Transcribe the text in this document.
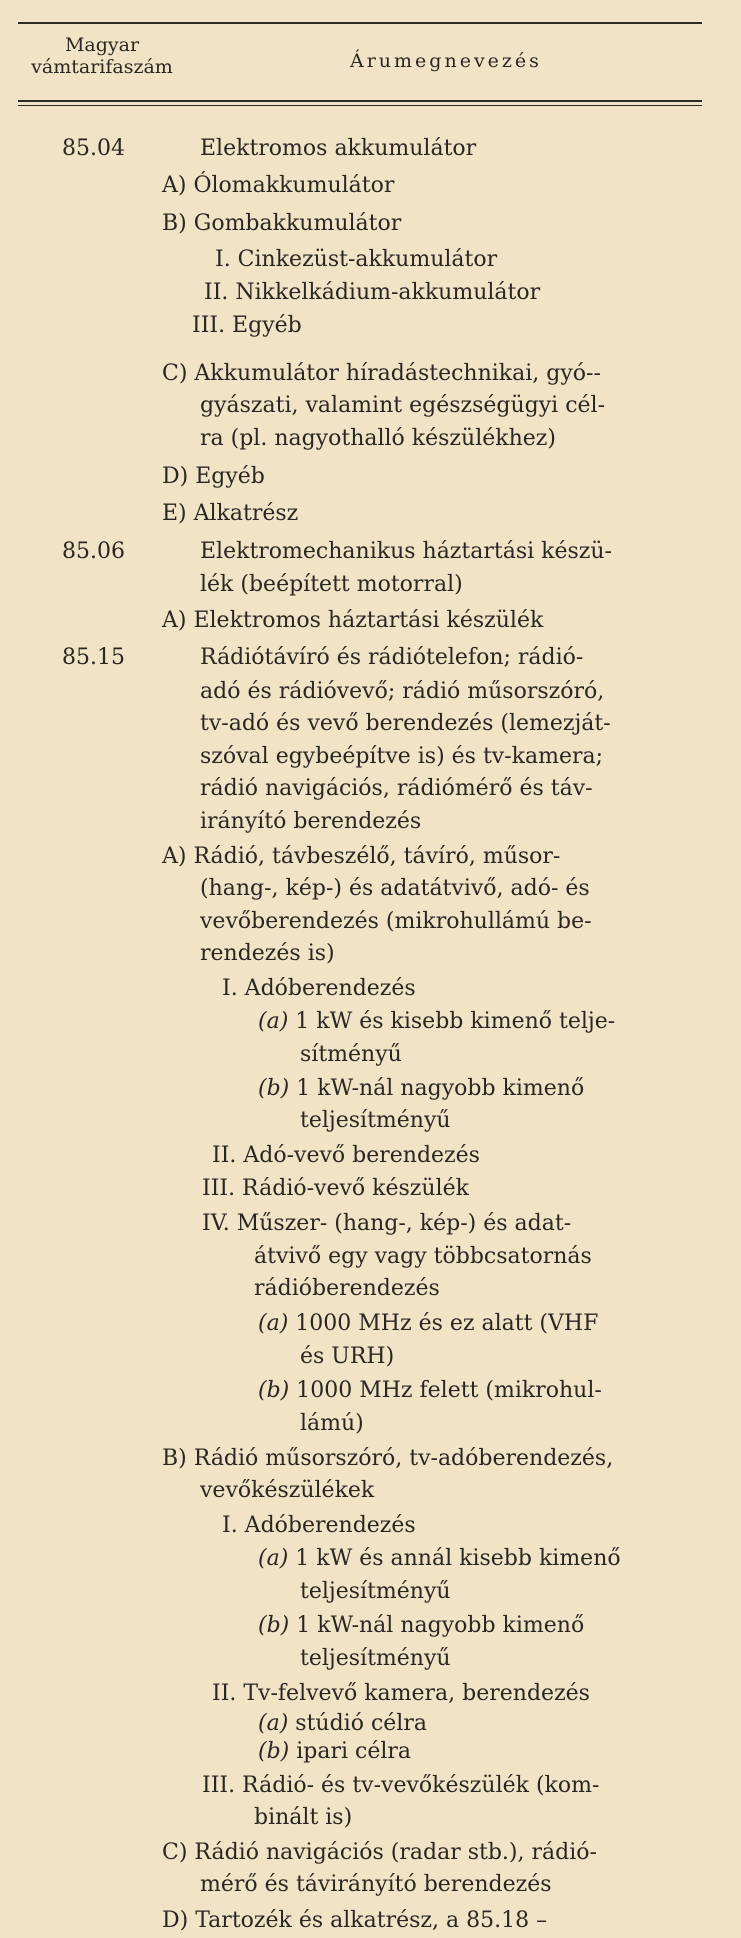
Magyar
vámtarifaszám	Árumegnevezés
85.04	Elektromos akkumulátor
A) Ólomakkumulátor
B) Gombakkumulátor
I. Cinkezüst-akkumulátor
II. Nikkelkádium-akkumulátor
III. Egyéb
C) Akkumulátor híradástechnikai, gyó--
gyászati, valamint egészségügyi cél-
ra (pl. nagyothalló készülékhez)
D) Egyéb
E) Alkatrész
85.06	Elektromechanikus háztartási készü-
lék (beépített motorral)
A) Elektromos háztartási készülék
85.15	Rádiótávíró és rádiótelefon; rádió-
adó és rádióvevő; rádió műsorszóró,
tv-adó és vevő berendezés (lemezját-
szóval egybeépítve is) és tv-kamera;
rádió navigációs, rádiómérő és táv-
irányító berendezés
A) Rádió, távbeszélő, távíró, műsor-
(hang-, kép-) és adatátvivő, adó- és
vevőberendezés (mikrohullámú be-
rendezés is)
I. Adóberendezés
(a) 1 kW és kisebb kimenő telje-
sítményű
(b) 1 kW-nál nagyobb kimenő
teljesítményű
II. Adó-vevő berendezés
III. Rádió-vevő készülék
IV. Műszer- (hang-, kép-) és adat-
átvivő egy vagy többcsatornás
rádióberendezés
(a) 1000 MHz és ez alatt (VHF
és URH)
(b) 1000 MHz felett (mikrohul-
lámú)
B) Rádió műsorszóró, tv-adóberendezés,
vevőkészülékek
I. Adóberendezés
(a) 1 kW és annál kisebb kimenő
teljesítményű
(b) 1 kW-nál nagyobb kimenő
teljesítményű
II. Tv-felvevő kamera, berendezés
(a) stúdió célra
(b) ipari célra
III. Rádió- és tv-vevőkészülék (kom-
binált is)
C) Rádió navigációs (radar stb.), rádió-
mérő és távirányító berendezés
D) Tartozék és alkatrész, a 85.18 –
